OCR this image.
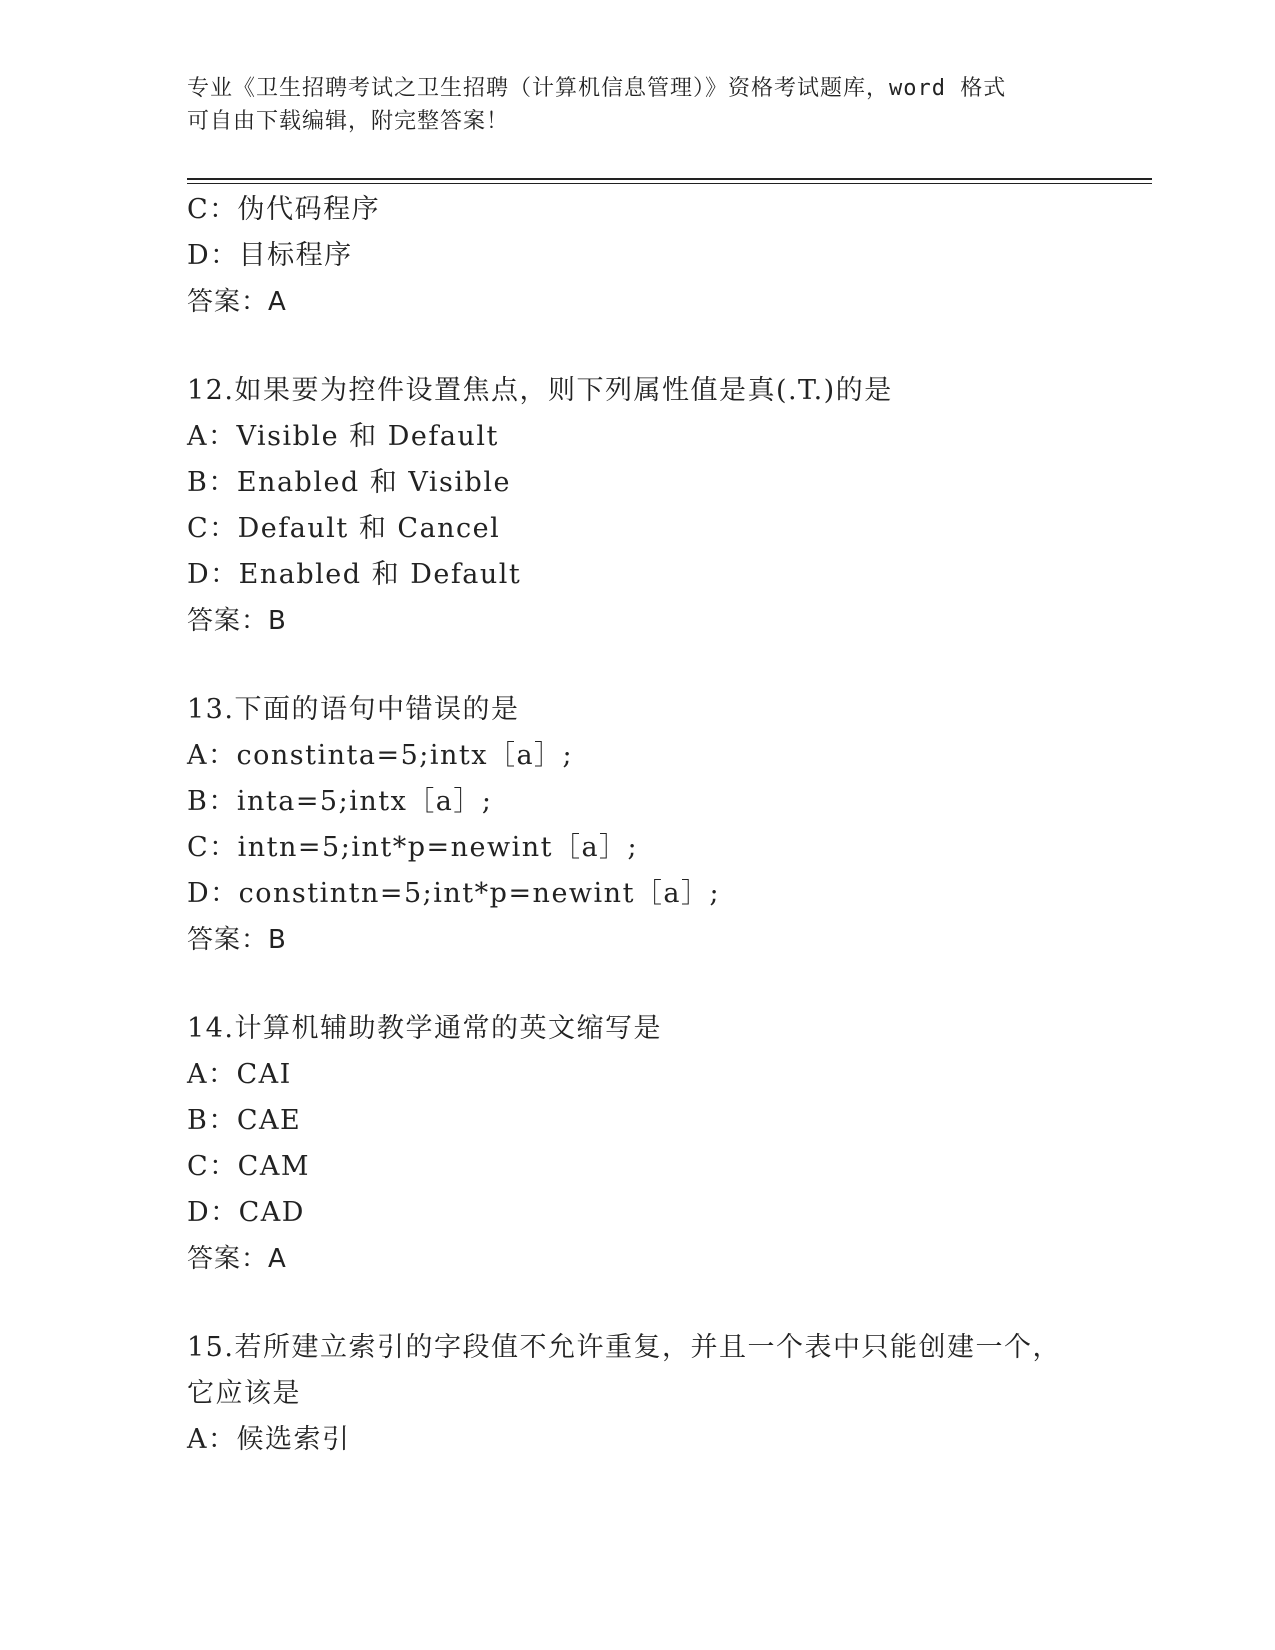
专业《卫生招聘考试之卫生招聘（计算机信息管理）》资格考试题库，word 格式
可自由下载编辑，附完整答案！
C：伪代码程序
D：目标程序
答案：A
12.如果要为控件设置焦点，则下列属性值是真(.T.)的是
A：Visible 和 Default
B：Enabled 和 Visible
C：Default 和 Cancel
D：Enabled 和 Default
答案：B
13.下面的语句中错误的是
A：constinta=5;intx［a］;
B：inta=5;intx［a］;
C：intn=5;int*p=newint［a］;
D：constintn=5;int*p=newint［a］;
答案：B
14.计算机辅助教学通常的英文缩写是
A：CAI
B：CAE
C：CAM
D：CAD
答案：A
15.若所建立索引的字段值不允许重复，并且一个表中只能创建一个，
它应该是
A：候选索引
